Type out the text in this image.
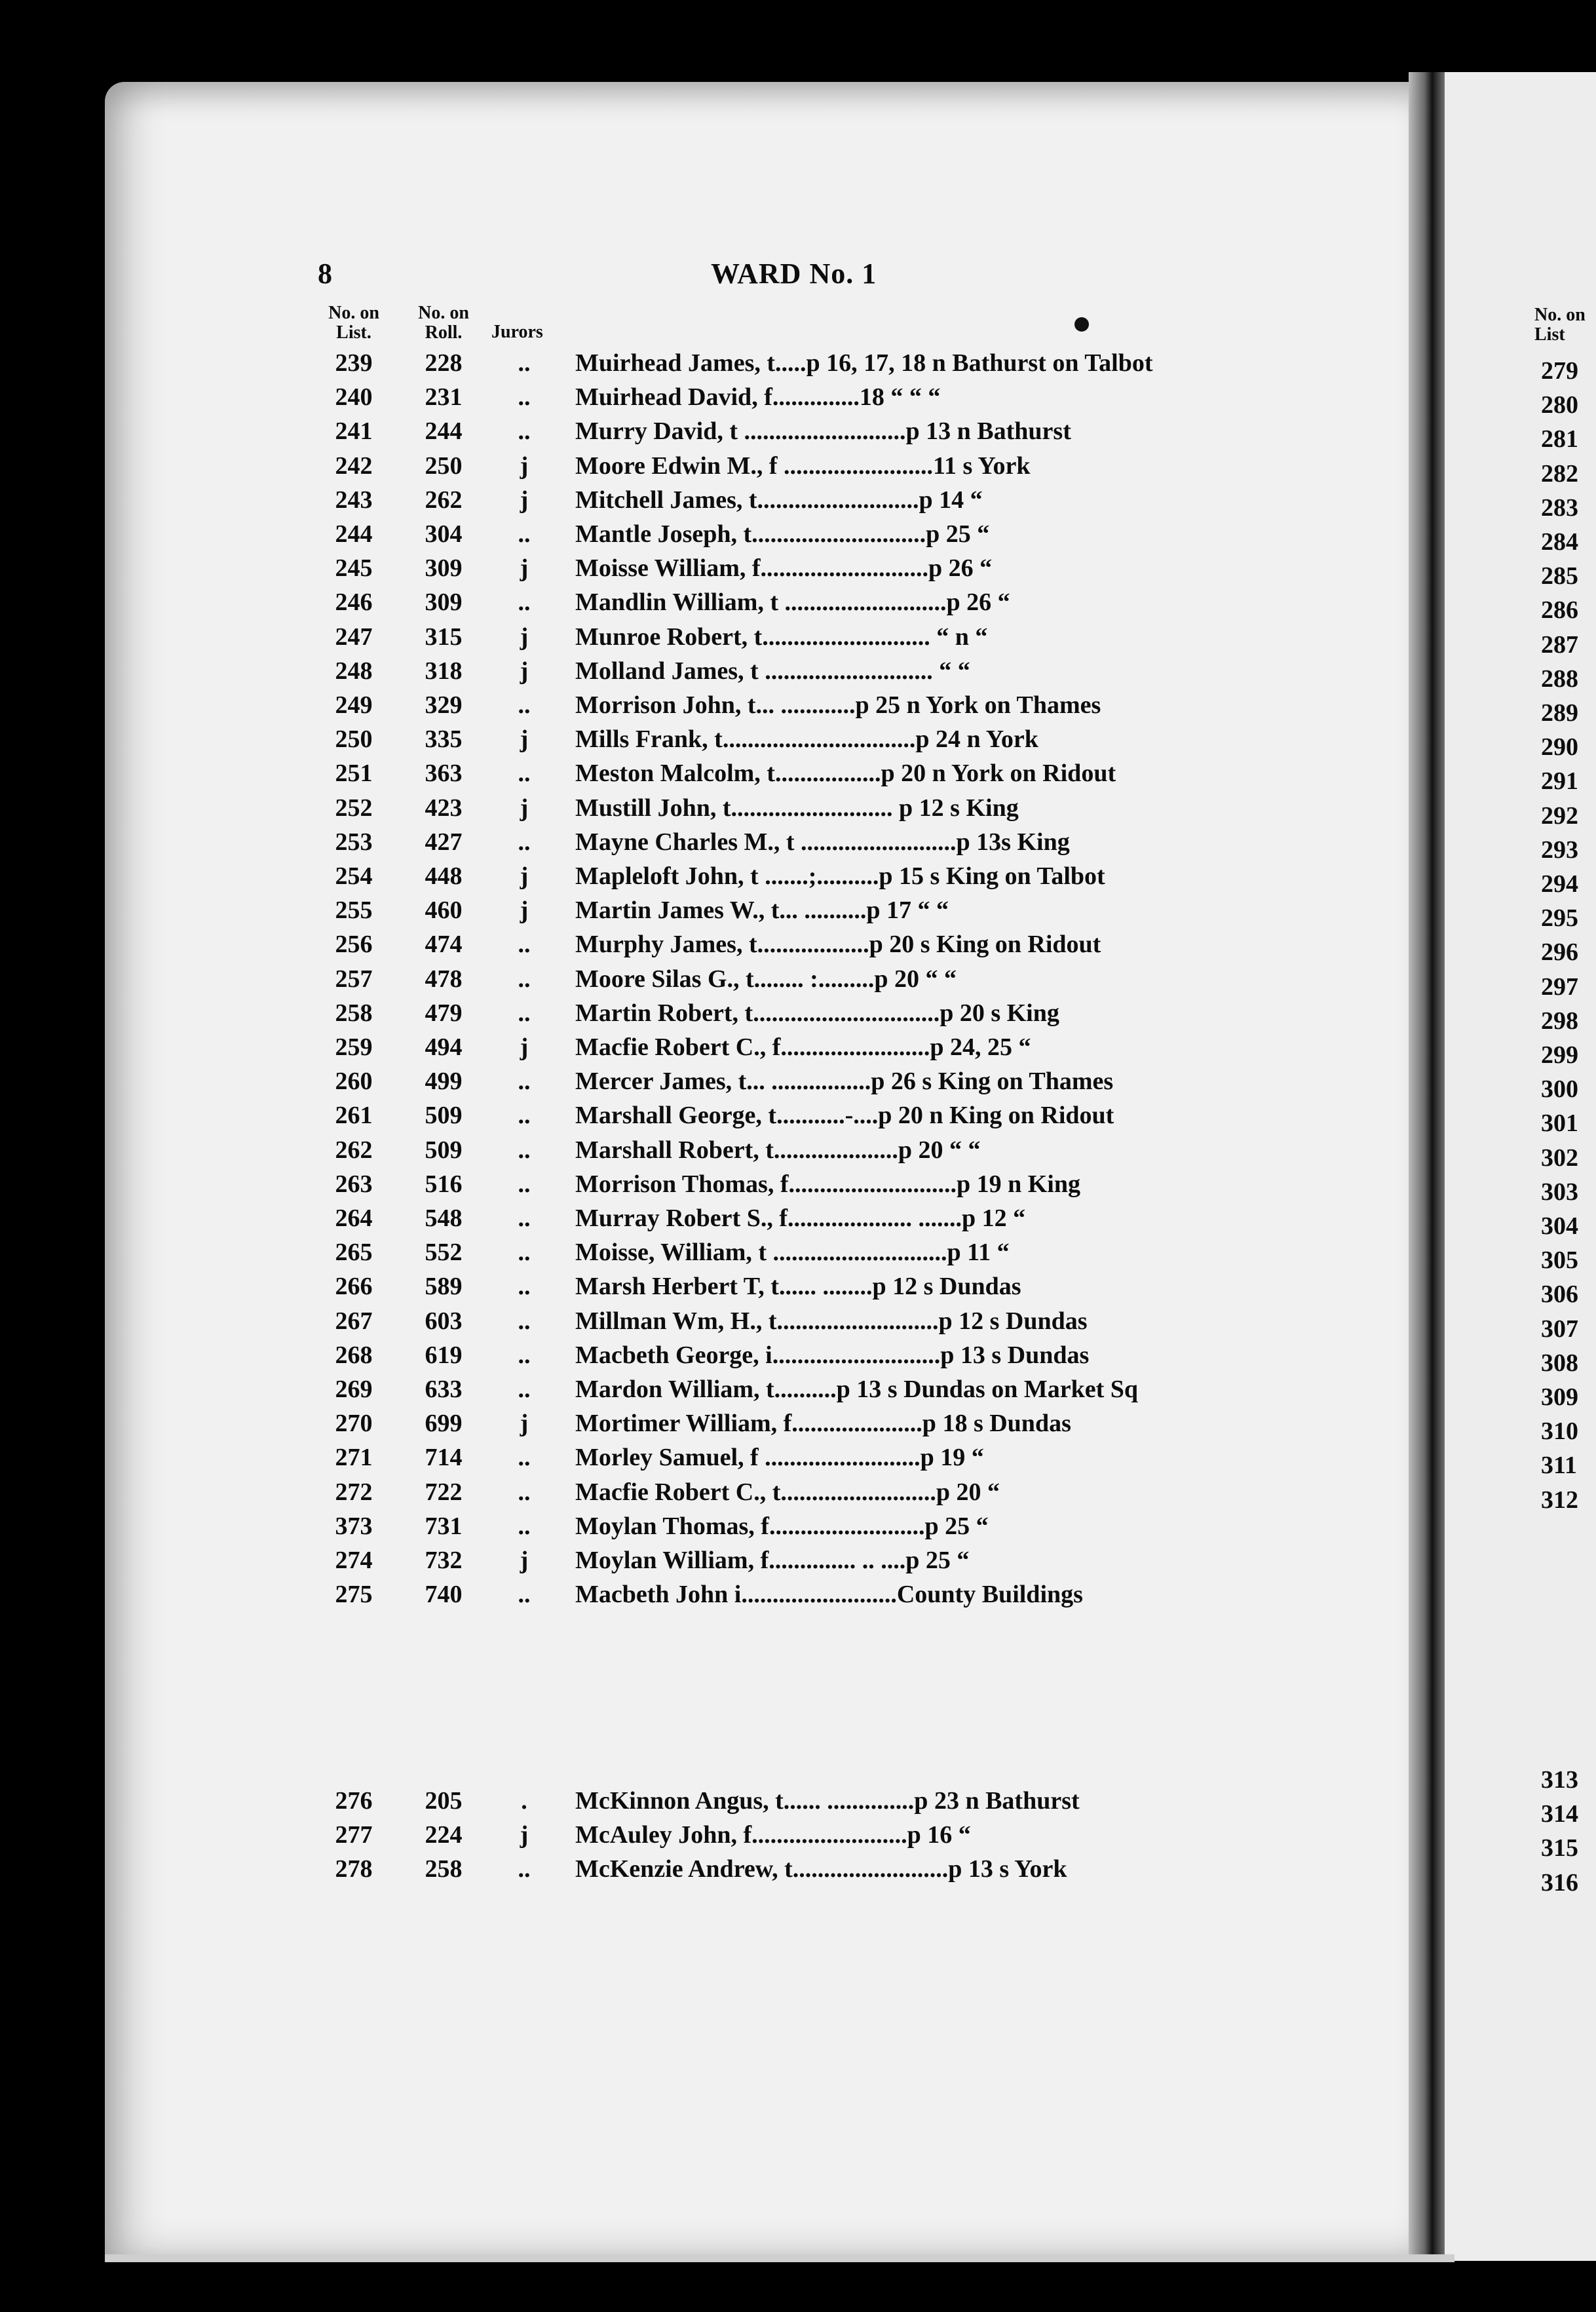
8	WARD No. 1
No. on
List.
No. on
Roll.	Jurors
239	228	..	Muirhead James, t.....p 16, 17, 18 n Bathurst on Talbot
240	231	..	Muirhead David, f..............18 “ “ “
241	244	..	Murry David, t ..........................p 13 n Bathurst
242	250	j	Moore Edwin M., f ........................11 s York
243	262	j	Mitchell James, t..........................p 14 “
244	304	..	Mantle Joseph, t............................p 25 “
245	309	j	Moisse William, f...........................p 26 “
246	309	..	Mandlin William, t ..........................p 26 “
247	315	j	Munroe Robert, t........................... “ n “
248	318	j	Molland James, t ........................... “ “
249	329	..	Morrison John, t... ............p 25 n York on Thames
250	335	j	Mills Frank, t...............................p 24 n York
251	363	..	Meston Malcolm, t.................p 20 n York on Ridout
252	423	j	Mustill John, t.......................... p 12 s King
253	427	..	Mayne Charles M., t .........................p 13s King
254	448	j	Mapleloft John, t .......;..........p 15 s King on Talbot
255	460	j	Martin James W., t... ..........p 17 “ “
256	474	..	Murphy James, t..................p 20 s King on Ridout
257	478	..	Moore Silas G., t........ :.........p 20 “ “
258	479	..	Martin Robert, t..............................p 20 s King
259	494	j	Macfie Robert C., f........................p 24, 25 “
260	499	..	Mercer James, t... ................p 26 s King on Thames
261	509	..	Marshall George, t...........-....p 20 n King on Ridout
262	509	..	Marshall Robert, t....................p 20 “ “
263	516	..	Morrison Thomas, f...........................p 19 n King
264	548	..	Murray Robert S., f.................... .......p 12 “
265	552	..	Moisse, William, t ............................p 11 “
266	589	..	Marsh Herbert T, t...... ........p 12 s Dundas
267	603	..	Millman Wm, H., t..........................p 12 s Dundas
268	619	..	Macbeth George, i...........................p 13 s Dundas
269	633	..	Mardon William, t..........p 13 s Dundas on Market Sq
270	699	j	Mortimer William, f.....................p 18 s Dundas
271	714	..	Morley Samuel, f .........................p 19 “
272	722	..	Macfie Robert C., t.........................p 20 “
373	731	..	Moylan Thomas, f.........................p 25 “
274	732	j	Moylan William, f.............. .. ....p 25 “
275	740	..	Macbeth John i.........................County Buildings
276	205	.	McKinnon Angus, t...... ..............p 23 n Bathurst
277	224	j	McAuley John, f.........................p 16 “
278	258	..	McKenzie Andrew, t.........................p 13 s York
No. on
List
279
280
281
282
283
284
285
286
287
288
289
290
291
292
293
294
295
296
297
298
299
300
301
302
303
304
305
306
307
308
309
310
311
312
313
314
315
316
